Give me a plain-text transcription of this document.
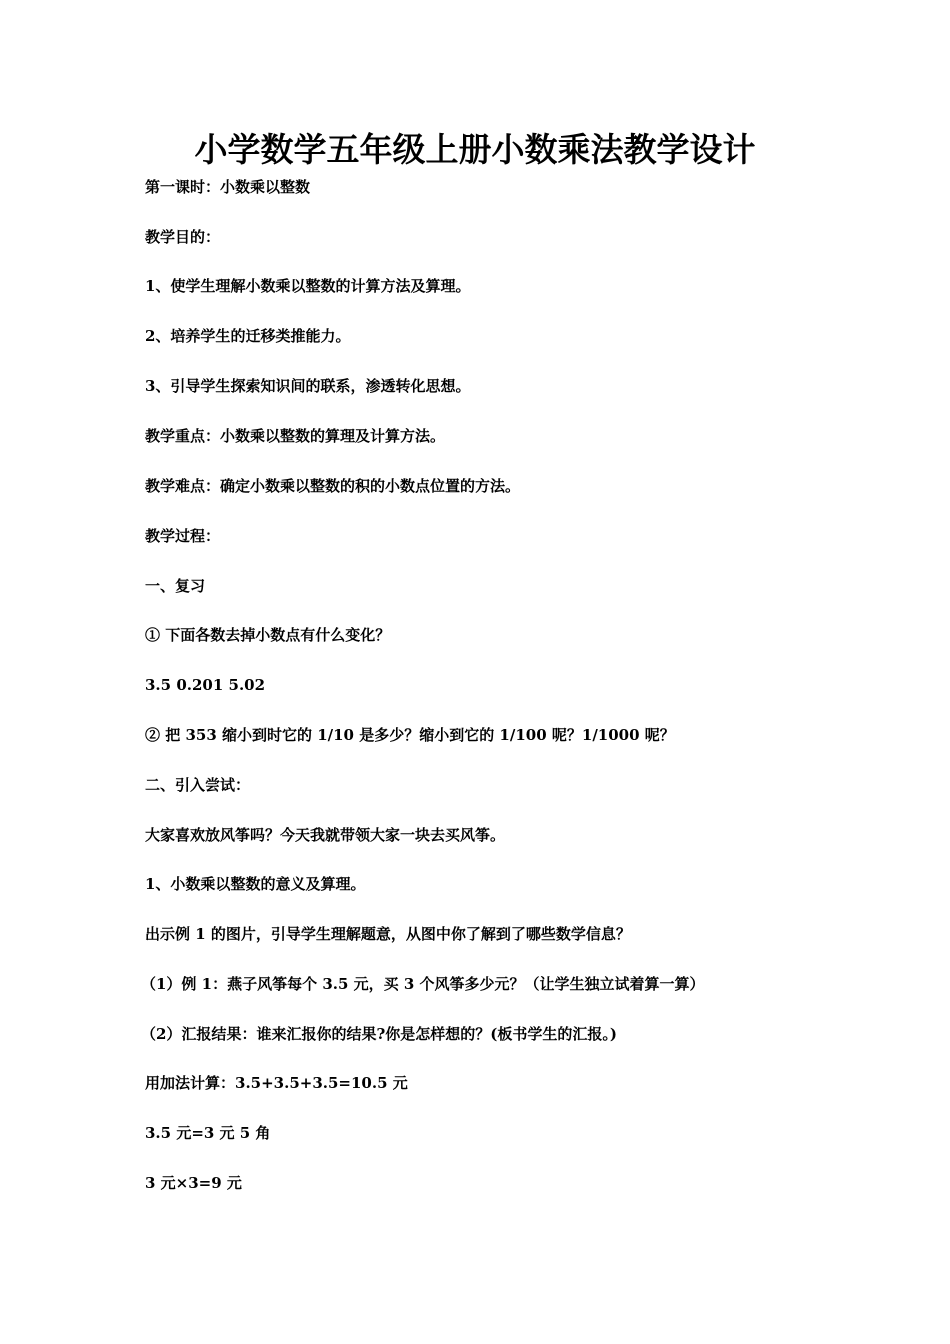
小学数学五年级上册小数乘法教学设计
第一课时：小数乘以整数
教学目的：
1、使学生理解小数乘以整数的计算方法及算理。
2、培养学生的迁移类推能力。
3、引导学生探索知识间的联系，渗透转化思想。
教学重点：小数乘以整数的算理及计算方法。
教学难点：确定小数乘以整数的积的小数点位置的方法。
教学过程：
一、复习
① 下面各数去掉小数点有什么变化？
3.5 0.201 5.02
② 把 353 缩小到时它的 1/10 是多少？缩小到它的 1/100 呢？1/1000 呢？
二、引入尝试：
大家喜欢放风筝吗？今天我就带领大家一块去买风筝。
1、小数乘以整数的意义及算理。
出示例 1 的图片，引导学生理解题意，从图中你了解到了哪些数学信息？
（1）例 1：燕子风筝每个 3.5 元，买 3 个风筝多少元？（让学生独立试着算一算）
（2）汇报结果：谁来汇报你的结果?你是怎样想的？(板书学生的汇报。)
用加法计算：3.5+3.5+3.5=10.5 元
3.5 元=3 元 5 角
3 元×3=9 元
